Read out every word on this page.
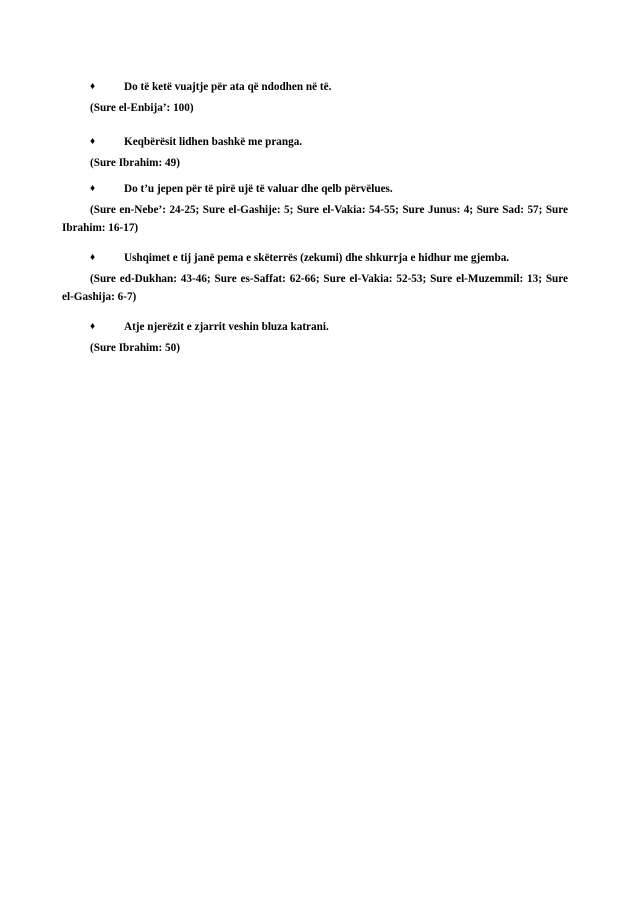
♦	Do të ketë vuajtje për ata që ndodhen në të.
(Sure el-Enbija’: 100)
♦	Keqbërësit lidhen bashkë me pranga.
(Sure Ibrahim: 49)
♦	Do t’u jepen për të pirë ujë të valuar dhe qelb përvëlues.
(Sure en-Nebe’: 24-25; Sure el-Gashije: 5; Sure el-Vakia: 54-55; Sure Junus: 4; Sure Sad: 57; Sure Ibrahim: 16-17)
♦	Ushqimet e tij janë pema e skëterrës (zekumi) dhe shkurrja e hidhur me gjemba.
(Sure ed-Dukhan: 43-46; Sure es-Saffat: 62-66; Sure el-Vakia: 52-53; Sure el-Muzemmil: 13; Sure el-Gashija: 6-7)
♦	Atje njerëzit e zjarrit veshin bluza katrani.
(Sure Ibrahim: 50)
